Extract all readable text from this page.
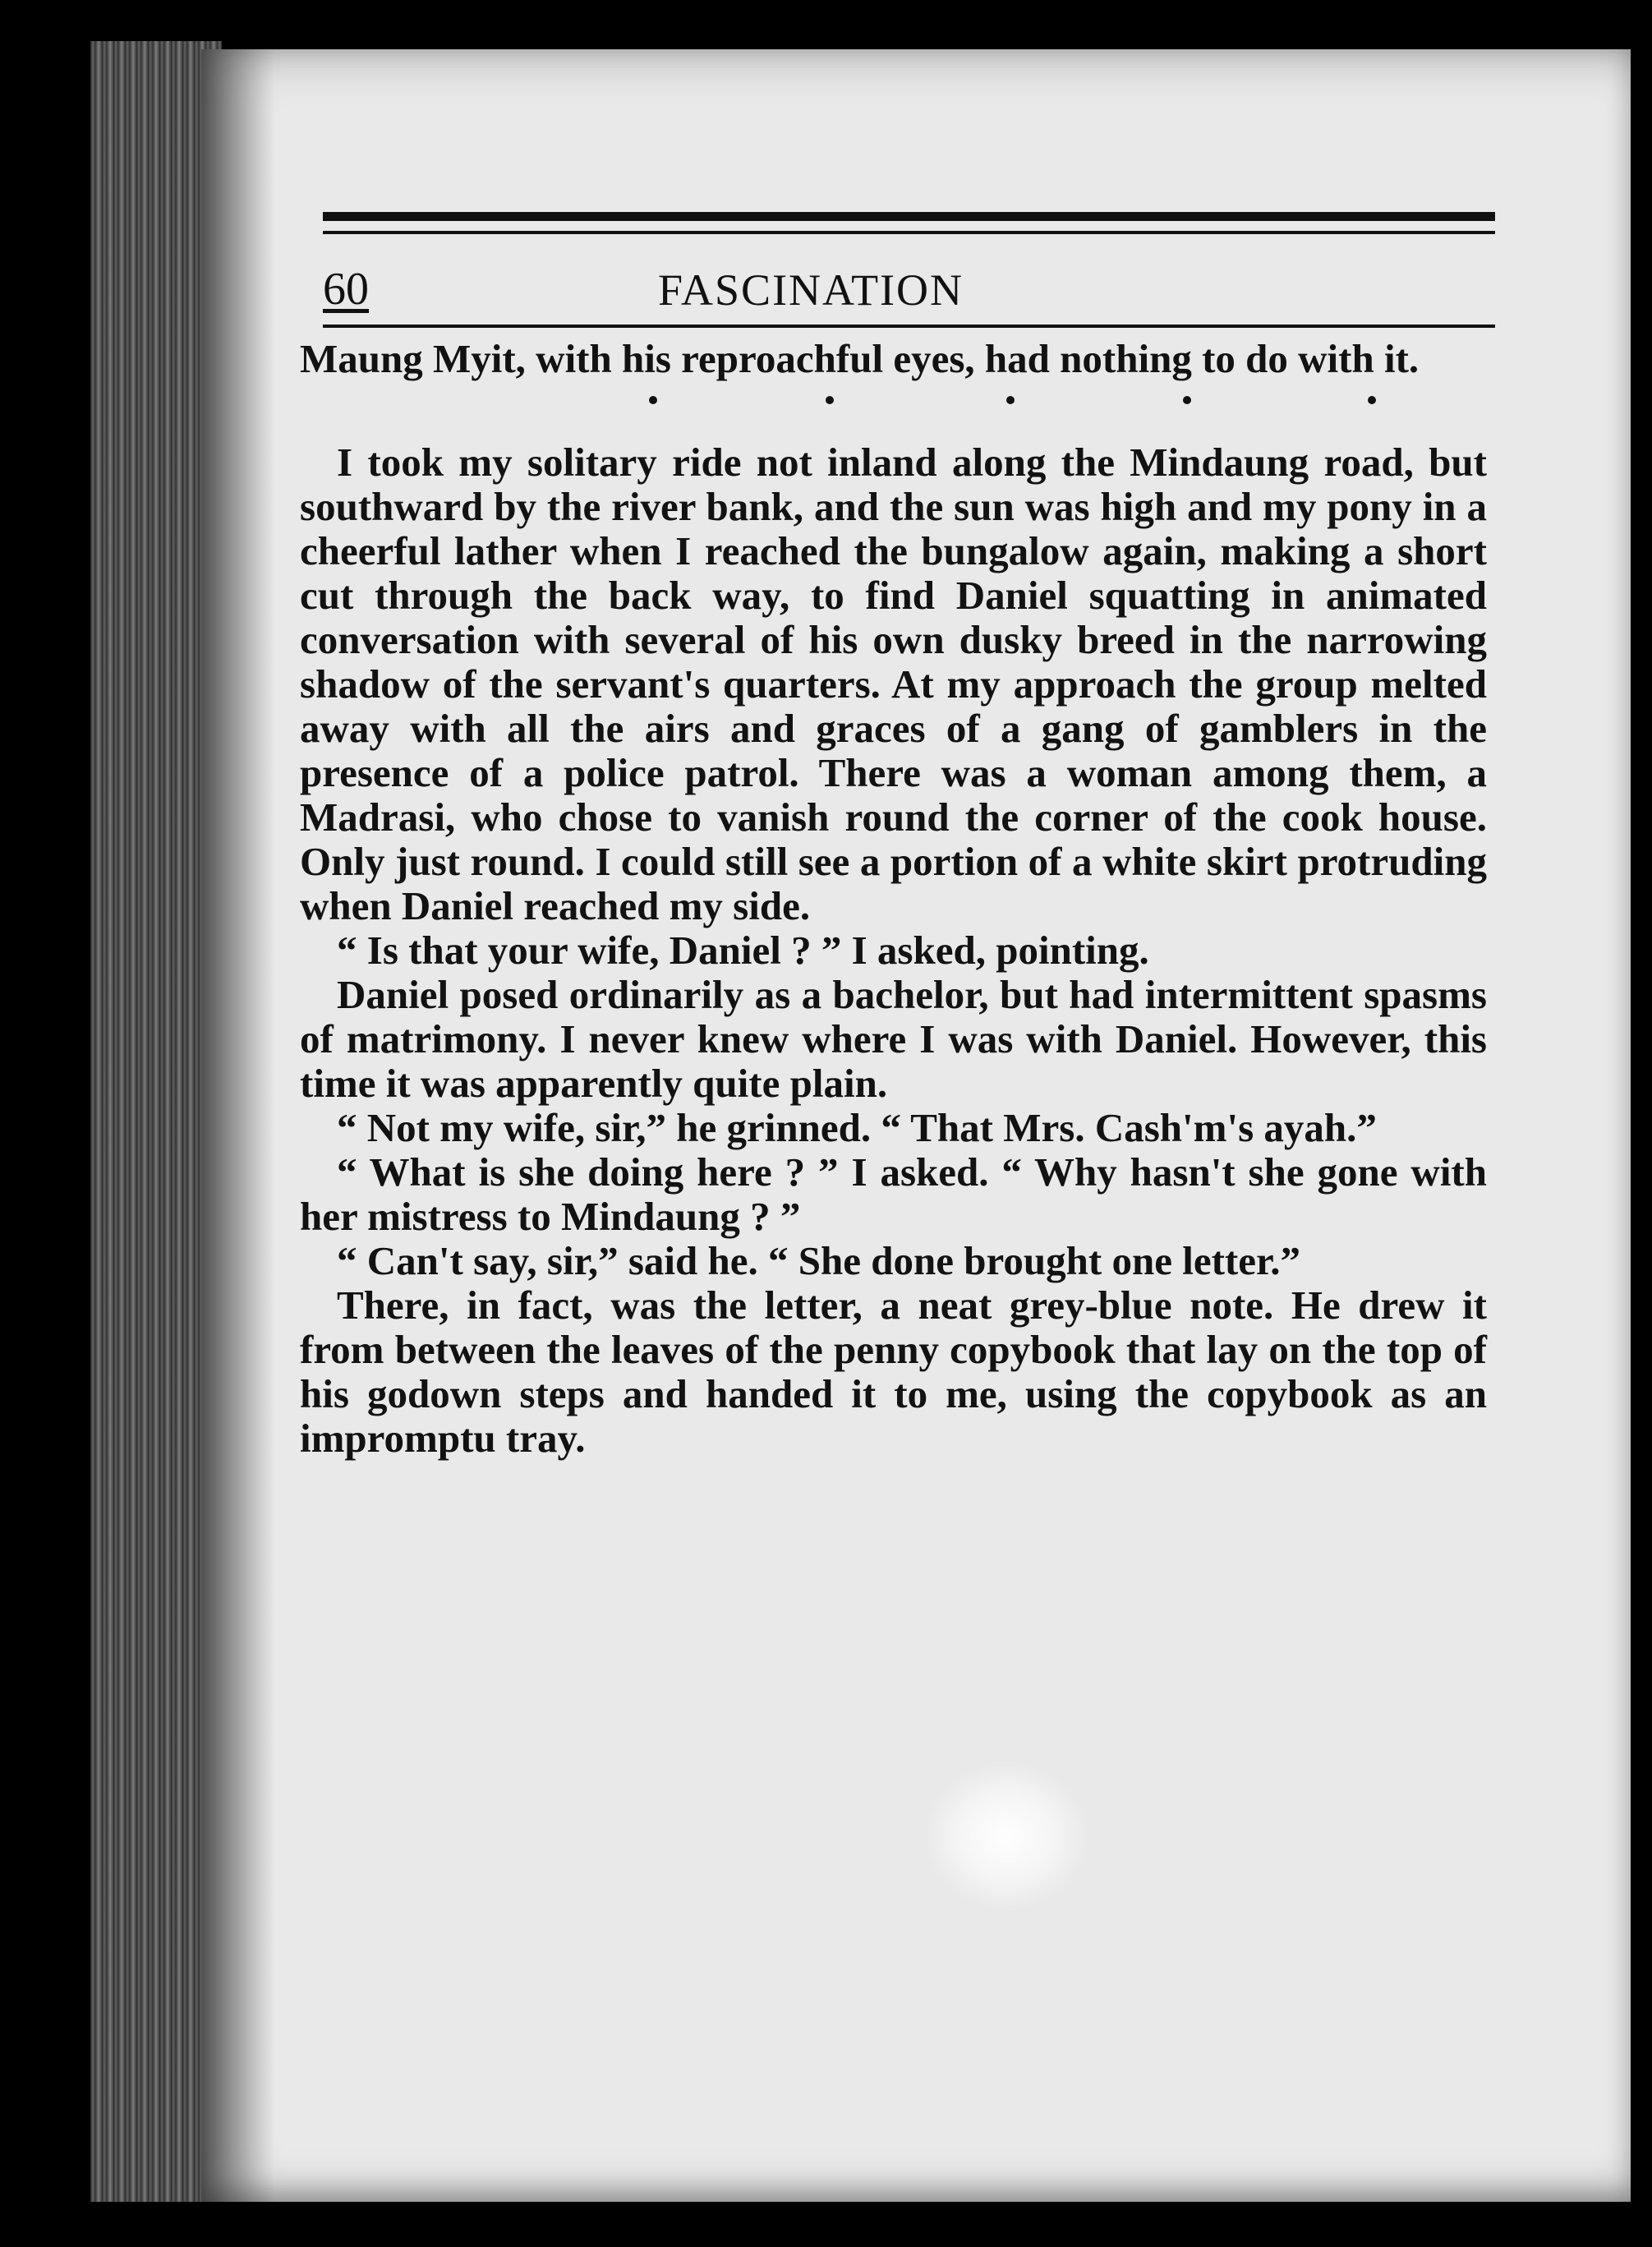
60	FASCINATION

Maung Myit, with his reproachful eyes, had nothing to do with it.

I took my solitary ride not inland along the Mindaung road, but southward by the river bank, and the sun was high and my pony in a cheerful lather when I reached the bungalow again, making a short cut through the back way, to find Daniel squatting in animated conversation with several of his own dusky breed in the narrowing shadow of the servant's quarters. At my approach the group melted away with all the airs and graces of a gang of gamblers in the presence of a police patrol. There was a woman among them, a Madrasi, who chose to vanish round the corner of the cook house. Only just round. I could still see a portion of a white skirt protruding when Daniel reached my side.

“ Is that your wife, Daniel ? ” I asked, pointing.

Daniel posed ordinarily as a bachelor, but had intermittent spasms of matrimony. I never knew where I was with Daniel. However, this time it was apparently quite plain.

“ Not my wife, sir,” he grinned. “ That Mrs. Cash'm's ayah.”

“ What is she doing here ? ” I asked. “ Why hasn't she gone with her mistress to Mindaung ? ”

“ Can't say, sir,” said he. “ She done brought one letter.”

There, in fact, was the letter, a neat grey-blue note. He drew it from between the leaves of the penny copybook that lay on the top of his godown steps and handed it to me, using the copybook as an impromptu tray.
